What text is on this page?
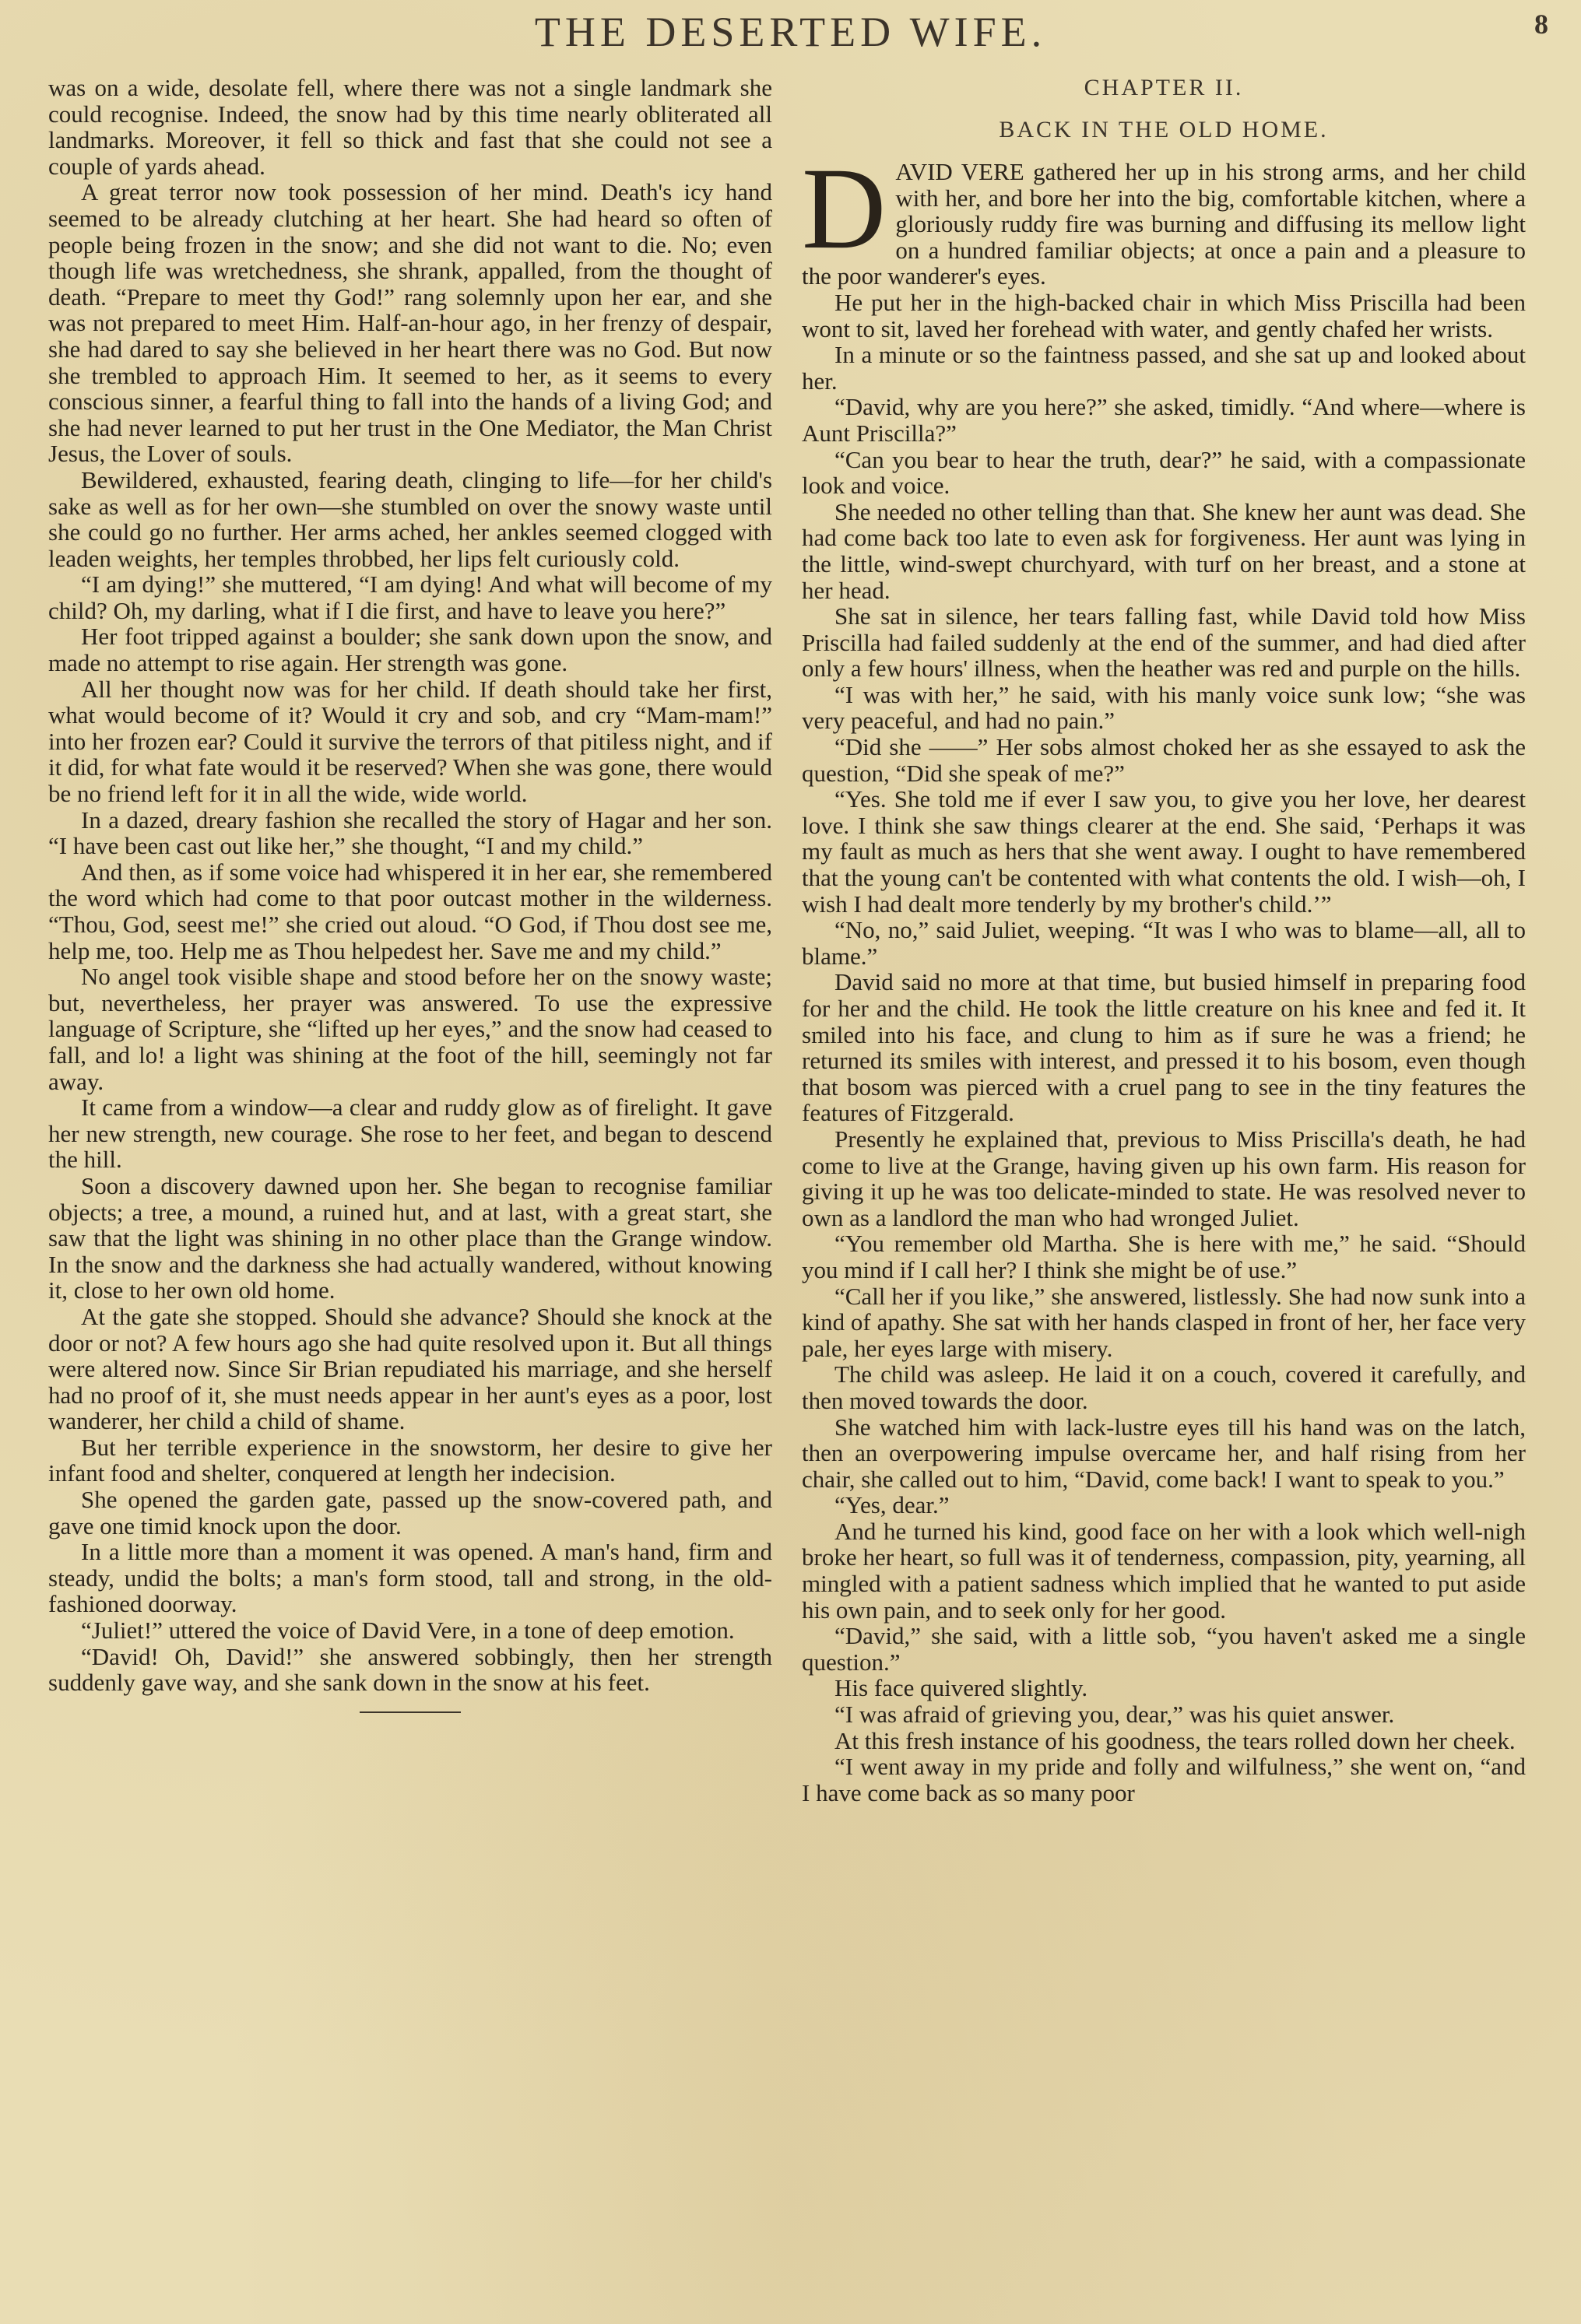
THE DESERTED WIFE.	8

was on a wide, desolate fell, where there was not a single landmark she could recognise. Indeed, the snow had by this time nearly obliterated all landmarks. Moreover, it fell so thick and fast that she could not see a couple of yards ahead.

A great terror now took possession of her mind. Death's icy hand seemed to be already clutching at her heart. She had heard so often of people being frozen in the snow; and she did not want to die. No; even though life was wretchedness, she shrank, appalled, from the thought of death. “Prepare to meet thy God!” rang solemnly upon her ear, and she was not prepared to meet Him. Half-an-hour ago, in her frenzy of despair, she had dared to say she believed in her heart there was no God. But now she trembled to approach Him. It seemed to her, as it seems to every conscious sinner, a fearful thing to fall into the hands of a living God; and she had never learned to put her trust in the One Mediator, the Man Christ Jesus, the Lover of souls.

Bewildered, exhausted, fearing death, clinging to life—for her child's sake as well as for her own—she stumbled on over the snowy waste until she could go no further. Her arms ached, her ankles seemed clogged with leaden weights, her temples throbbed, her lips felt curiously cold.

“I am dying!” she muttered, “I am dying! And what will become of my child? Oh, my darling, what if I die first, and have to leave you here?”

Her foot tripped against a boulder; she sank down upon the snow, and made no attempt to rise again. Her strength was gone.

All her thought now was for her child. If death should take her first, what would become of it? Would it cry and sob, and cry “Mam-mam!” into her frozen ear? Could it survive the terrors of that pitiless night, and if it did, for what fate would it be reserved? When she was gone, there would be no friend left for it in all the wide, wide world.

In a dazed, dreary fashion she recalled the story of Hagar and her son. “I have been cast out like her,” she thought, “I and my child.”

And then, as if some voice had whispered it in her ear, she remembered the word which had come to that poor outcast mother in the wilderness. “Thou, God, seest me!” she cried out aloud. “O God, if Thou dost see me, help me, too. Help me as Thou helpedest her. Save me and my child.”

No angel took visible shape and stood before her on the snowy waste; but, nevertheless, her prayer was answered. To use the expressive language of Scripture, she “lifted up her eyes,” and the snow had ceased to fall, and lo! a light was shining at the foot of the hill, seemingly not far away.

It came from a window—a clear and ruddy glow as of firelight. It gave her new strength, new courage. She rose to her feet, and began to descend the hill.

Soon a discovery dawned upon her. She began to recognise familiar objects; a tree, a mound, a ruined hut, and at last, with a great start, she saw that the light was shining in no other place than the Grange window. In the snow and the darkness she had actually wandered, without knowing it, close to her own old home.

At the gate she stopped. Should she advance? Should she knock at the door or not? A few hours ago she had quite resolved upon it. But all things were altered now. Since Sir Brian repudiated his marriage, and she herself had no proof of it, she must needs appear in her aunt's eyes as a poor, lost wanderer, her child a child of shame.

But her terrible experience in the snowstorm, her desire to give her infant food and shelter, conquered at length her indecision.

She opened the garden gate, passed up the snow-covered path, and gave one timid knock upon the door.

In a little more than a moment it was opened. A man's hand, firm and steady, undid the bolts; a man's form stood, tall and strong, in the old-fashioned doorway.

“Juliet!” uttered the voice of David Vere, in a tone of deep emotion.

“David! Oh, David!” she answered sobbingly, then her strength suddenly gave way, and she sank down in the snow at his feet.

CHAPTER II.
BACK IN THE OLD HOME.
D AVID VERE gathered her up in his strong arms, and her child with her, and bore her into the big, comfortable kitchen, where a gloriously ruddy fire was burning and diffusing its mellow light on a hundred familiar objects; at once a pain and a pleasure to the poor wanderer's eyes.

He put her in the high-backed chair in which Miss Priscilla had been wont to sit, laved her forehead with water, and gently chafed her wrists.

In a minute or so the faintness passed, and she sat up and looked about her.

“David, why are you here?” she asked, timidly. “And where—where is Aunt Priscilla?”

“Can you bear to hear the truth, dear?” he said, with a compassionate look and voice.

She needed no other telling than that. She knew her aunt was dead. She had come back too late to even ask for forgiveness. Her aunt was lying in the little, wind-swept churchyard, with turf on her breast, and a stone at her head.

She sat in silence, her tears falling fast, while David told how Miss Priscilla had failed suddenly at the end of the summer, and had died after only a few hours' illness, when the heather was red and purple on the hills.

“I was with her,” he said, with his manly voice sunk low; “she was very peaceful, and had no pain.”

“Did she ——” Her sobs almost choked her as she essayed to ask the question, “Did she speak of me?”

“Yes. She told me if ever I saw you, to give you her love, her dearest love. I think she saw things clearer at the end. She said, ‘Perhaps it was my fault as much as hers that she went away. I ought to have remembered that the young can't be contented with what contents the old. I wish—oh, I wish I had dealt more tenderly by my brother's child.’”

“No, no,” said Juliet, weeping. “It was I who was to blame—all, all to blame.”

David said no more at that time, but busied himself in preparing food for her and the child. He took the little creature on his knee and fed it. It smiled into his face, and clung to him as if sure he was a friend; he returned its smiles with interest, and pressed it to his bosom, even though that bosom was pierced with a cruel pang to see in the tiny features the features of Fitzgerald.

Presently he explained that, previous to Miss Priscilla's death, he had come to live at the Grange, having given up his own farm. His reason for giving it up he was too delicate-minded to state. He was resolved never to own as a landlord the man who had wronged Juliet.

“You remember old Martha. She is here with me,” he said. “Should you mind if I call her? I think she might be of use.”

“Call her if you like,” she answered, listlessly. She had now sunk into a kind of apathy. She sat with her hands clasped in front of her, her face very pale, her eyes large with misery.

The child was asleep. He laid it on a couch, covered it carefully, and then moved towards the door.

She watched him with lack-lustre eyes till his hand was on the latch, then an overpowering impulse overcame her, and half rising from her chair, she called out to him, “David, come back! I want to speak to you.”

“Yes, dear.”

And he turned his kind, good face on her with a look which well-nigh broke her heart, so full was it of tenderness, compassion, pity, yearning, all mingled with a patient sadness which implied that he wanted to put aside his own pain, and to seek only for her good.

“David,” she said, with a little sob, “you haven't asked me a single question.”

His face quivered slightly.

“I was afraid of grieving you, dear,” was his quiet answer.

At this fresh instance of his goodness, the tears rolled down her cheek.

“I went away in my pride and folly and wilfulness,” she went on, “and I have come back as so many poor
